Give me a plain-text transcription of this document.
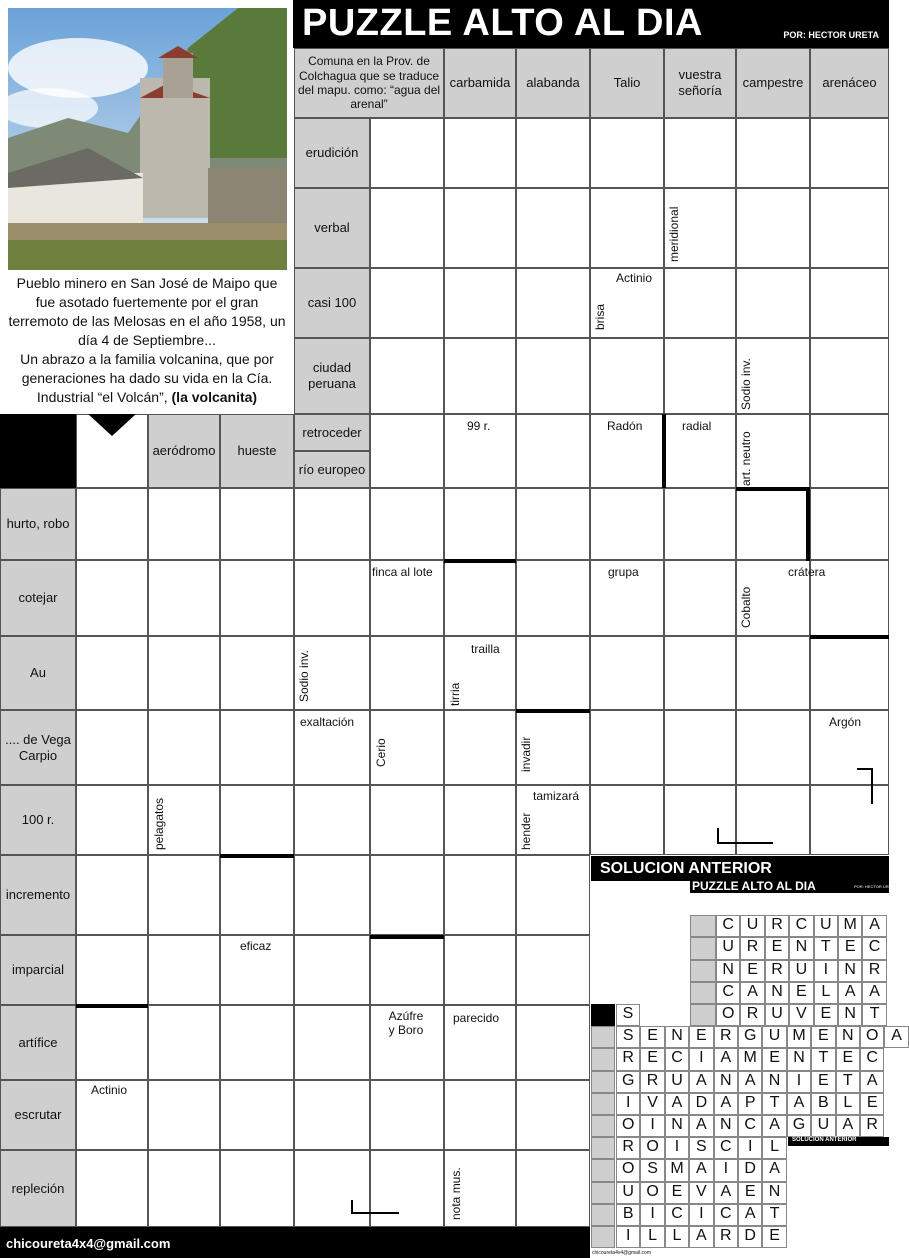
Comuna en la Prov. de Colchagua que se traduce del mapu. como: “agua del arenal”
carbamida	alabanda	Talio
vuestra señoría
campestre	arenáceo
erudición
verbal
casi 100
ciudad peruana
aeródromo	hueste
retroceder
río europeo
hurto, robo
cotejar
Au
.... de Vega Carpio
100 r.
incremento
imparcial
artífice
escrutar
repleción
meridional
Actinio
brisa
Sodio inv.
99 r.	Radón	radial
art. neutro
finca al lote	grupa
Cobalto
crátera
Sodio inv.
trailla
tirria
exaltación
Cerio	invadir
Argón
pelagatos	hender
tamizará
eficaz
Azúfre y Boro
parecido
Actinio
nota mus.
Pueblo minero en San José de Maipo que fue asotado fuertemente por el gran terremoto de las Melosas en el año 1958, un día 4 de Septiembre...
Un abrazo a la familia volcanina, que por generaciones ha dado su vida en la Cía. Industrial “el Volcán”, (la volcanita)
PUZZLE ALTO AL DIA	POR: HECTOR URETA
chicoureta4x4@gmail.com
SOLUCION ANTERIOR
PUZZLE ALTO AL DIA	POR: HECTOR URETA
C U R C U M A
U R E N T E C
N E R U	I	N R
C A N E L A A
O R U V E N T
S E N E R G U M E N O A
R E C	I	A M E N T E C
G R U A N A N	I	E T A
I	V A D A P T A B L E
O I	N A N C A G U A R
S
R O I	S C	I	L
O S M A	I	D A
U O E V A E N
B	I	C	I	C A T
I	L L A R D E
SOLUCION ANTERIOR
chicoureta4x4@gmail.com
